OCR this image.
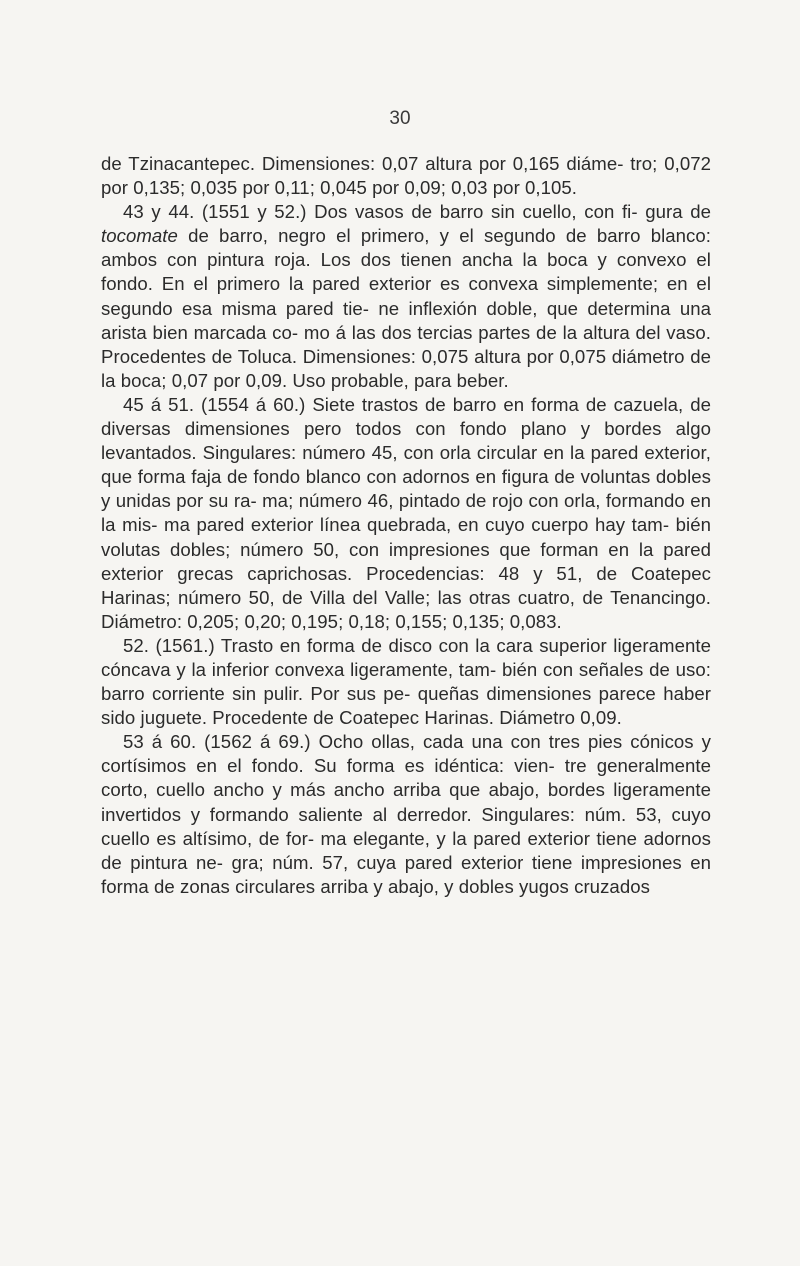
30

de Tzinacantepec. Dimensiones: 0,07 altura por 0,165 diáme- tro; 0,072 por 0,135; 0,035 por 0,11; 0,045 por 0,09; 0,03 por 0,105.

43 y 44. (1551 y 52.) Dos vasos de barro sin cuello, con fi- gura de tocomate de barro, negro el primero, y el segundo de barro blanco: ambos con pintura roja. Los dos tienen ancha la boca y convexo el fondo. En el primero la pared exterior es convexa simplemente; en el segundo esa misma pared tie- ne inflexión doble, que determina una arista bien marcada co- mo á las dos tercias partes de la altura del vaso. Procedentes de Toluca. Dimensiones: 0,075 altura por 0,075 diámetro de la boca; 0,07 por 0,09. Uso probable, para beber.

45 á 51. (1554 á 60.) Siete trastos de barro en forma de cazuela, de diversas dimensiones pero todos con fondo plano y bordes algo levantados. Singulares: número 45, con orla circular en la pared exterior, que forma faja de fondo blanco con adornos en figura de voluntas dobles y unidas por su ra- ma; número 46, pintado de rojo con orla, formando en la mis- ma pared exterior línea quebrada, en cuyo cuerpo hay tam- bién volutas dobles; número 50, con impresiones que forman en la pared exterior grecas caprichosas. Procedencias: 48 y 51, de Coatepec Harinas; número 50, de Villa del Valle; las otras cuatro, de Tenancingo. Diámetro: 0,205; 0,20; 0,195; 0,18; 0,155; 0,135; 0,083.

52. (1561.) Trasto en forma de disco con la cara superior ligeramente cóncava y la inferior convexa ligeramente, tam- bién con señales de uso: barro corriente sin pulir. Por sus pe- queñas dimensiones parece haber sido juguete. Procedente de Coatepec Harinas. Diámetro 0,09.

53 á 60. (1562 á 69.) Ocho ollas, cada una con tres pies cónicos y cortísimos en el fondo. Su forma es idéntica: vien- tre generalmente corto, cuello ancho y más ancho arriba que abajo, bordes ligeramente invertidos y formando saliente al derredor. Singulares: núm. 53, cuyo cuello es altísimo, de for- ma elegante, y la pared exterior tiene adornos de pintura ne- gra; núm. 57, cuya pared exterior tiene impresiones en forma de zonas circulares arriba y abajo, y dobles yugos cruzados
